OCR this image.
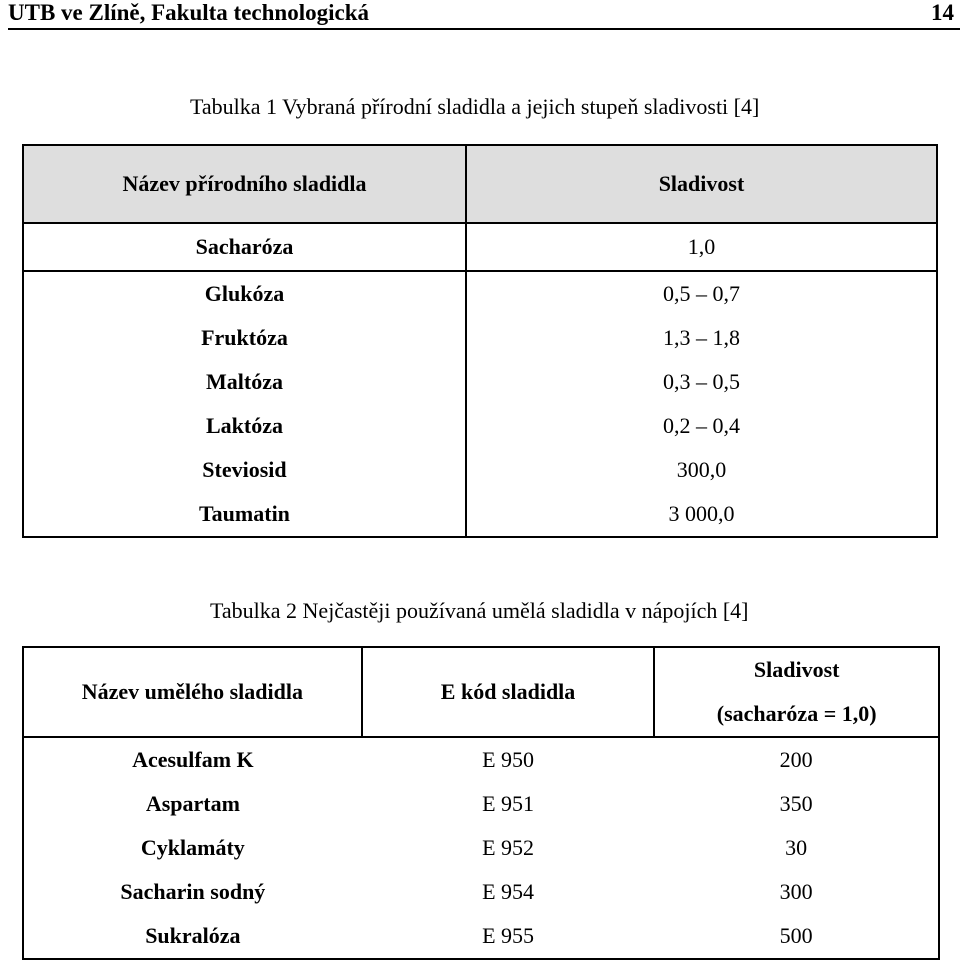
UTB ve Zlíně, Fakulta technologická	14
Tabulka 1 Vybraná přírodní sladidla a jejich stupeň sladivosti [4]
Název přírodního sladidla	Sladivost
Sacharóza	1,0
Glukóza	0,5 – 0,7
Fruktóza	1,3 – 1,8
Maltóza	0,3 – 0,5
Laktóza	0,2 – 0,4
Steviosid	300,0
Taumatin	3 000,0
Tabulka 2 Nejčastěji používaná umělá sladidla v nápojích [4]
Název umělého sladidla	E kód sladidla	Sladivost
(sacharóza = 1,0)

Acesulfam K	E 950	200
Aspartam	E 951	350
Cyklamáty	E 952	30
Sacharin sodný	E 954	300
Sukralóza	E 955	500
